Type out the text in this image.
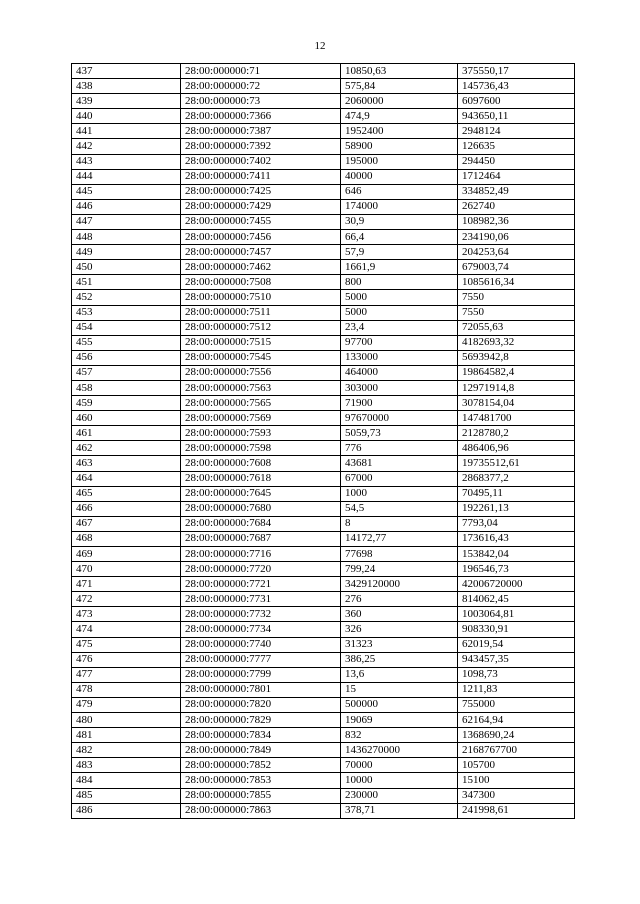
12
437	28:00:000000:71	10850,63	375550,17
438	28:00:000000:72	575,84	145736,43
439	28:00:000000:73	2060000	6097600
440	28:00:000000:7366	474,9	943650,11
441	28:00:000000:7387	1952400	2948124
442	28:00:000000:7392	58900	126635
443	28:00:000000:7402	195000	294450
444	28:00:000000:7411	40000	1712464
445	28:00:000000:7425	646	334852,49
446	28:00:000000:7429	174000	262740
447	28:00:000000:7455	30,9	108982,36
448	28:00:000000:7456	66,4	234190,06
449	28:00:000000:7457	57,9	204253,64
450	28:00:000000:7462	1661,9	679003,74
451	28:00:000000:7508	800	1085616,34
452	28:00:000000:7510	5000	7550
453	28:00:000000:7511	5000	7550
454	28:00:000000:7512	23,4	72055,63
455	28:00:000000:7515	97700	4182693,32
456	28:00:000000:7545	133000	5693942,8
457	28:00:000000:7556	464000	19864582,4
458	28:00:000000:7563	303000	12971914,8
459	28:00:000000:7565	71900	3078154,04
460	28:00:000000:7569	97670000	147481700
461	28:00:000000:7593	5059,73	2128780,2
462	28:00:000000:7598	776	486406,96
463	28:00:000000:7608	43681	19735512,61
464	28:00:000000:7618	67000	2868377,2
465	28:00:000000:7645	1000	70495,11
466	28:00:000000:7680	54,5	192261,13
467	28:00:000000:7684	8	7793,04
468	28:00:000000:7687	14172,77	173616,43
469	28:00:000000:7716	77698	153842,04
470	28:00:000000:7720	799,24	196546,73
471	28:00:000000:7721	3429120000	42006720000
472	28:00:000000:7731	276	814062,45
473	28:00:000000:7732	360	1003064,81
474	28:00:000000:7734	326	908330,91
475	28:00:000000:7740	31323	62019,54
476	28:00:000000:7777	386,25	943457,35
477	28:00:000000:7799	13,6	1098,73
478	28:00:000000:7801	15	1211,83
479	28:00:000000:7820	500000	755000
480	28:00:000000:7829	19069	62164,94
481	28:00:000000:7834	832	1368690,24
482	28:00:000000:7849	1436270000	2168767700
483	28:00:000000:7852	70000	105700
484	28:00:000000:7853	10000	15100
485	28:00:000000:7855	230000	347300
486	28:00:000000:7863	378,71	241998,61
